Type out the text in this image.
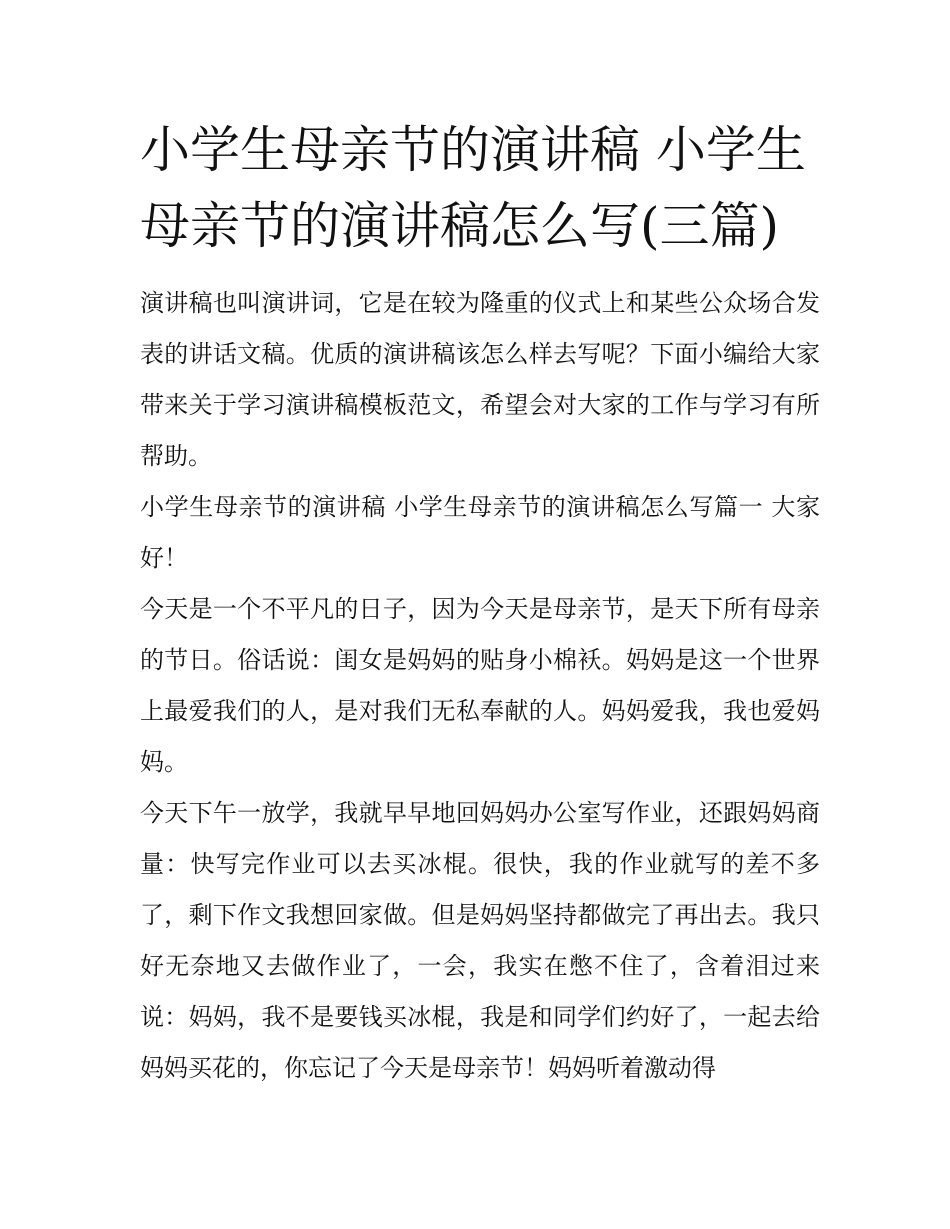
小学生母亲节的演讲稿 小学生母亲节的演讲稿怎么写(三篇)

演讲稿也叫演讲词，它是在较为隆重的仪式上和某些公众场合发表的讲话文稿。优质的演讲稿该怎么样去写呢？下面小编给大家带来关于学习演讲稿模板范文，希望会对大家的工作与学习有所帮助。

小学生母亲节的演讲稿 小学生母亲节的演讲稿怎么写篇一 大家好！

今天是一个不平凡的日子，因为今天是母亲节，是天下所有母亲的节日。俗话说：闺女是妈妈的贴身小棉袄。妈妈是这一个世界上最爱我们的人，是对我们无私奉献的人。妈妈爱我，我也爱妈妈。

今天下午一放学，我就早早地回妈妈办公室写作业，还跟妈妈商量：快写完作业可以去买冰棍。很快，我的作业就写的差不多了，剩下作文我想回家做。但是妈妈坚持都做完了再出去。我只好无奈地又去做作业了，一会，我实在憋不住了，含着泪过来说：妈妈，我不是要钱买冰棍，我是和同学们约好了，一起去给妈妈买花的，你忘记了今天是母亲节！妈妈听着激动得
